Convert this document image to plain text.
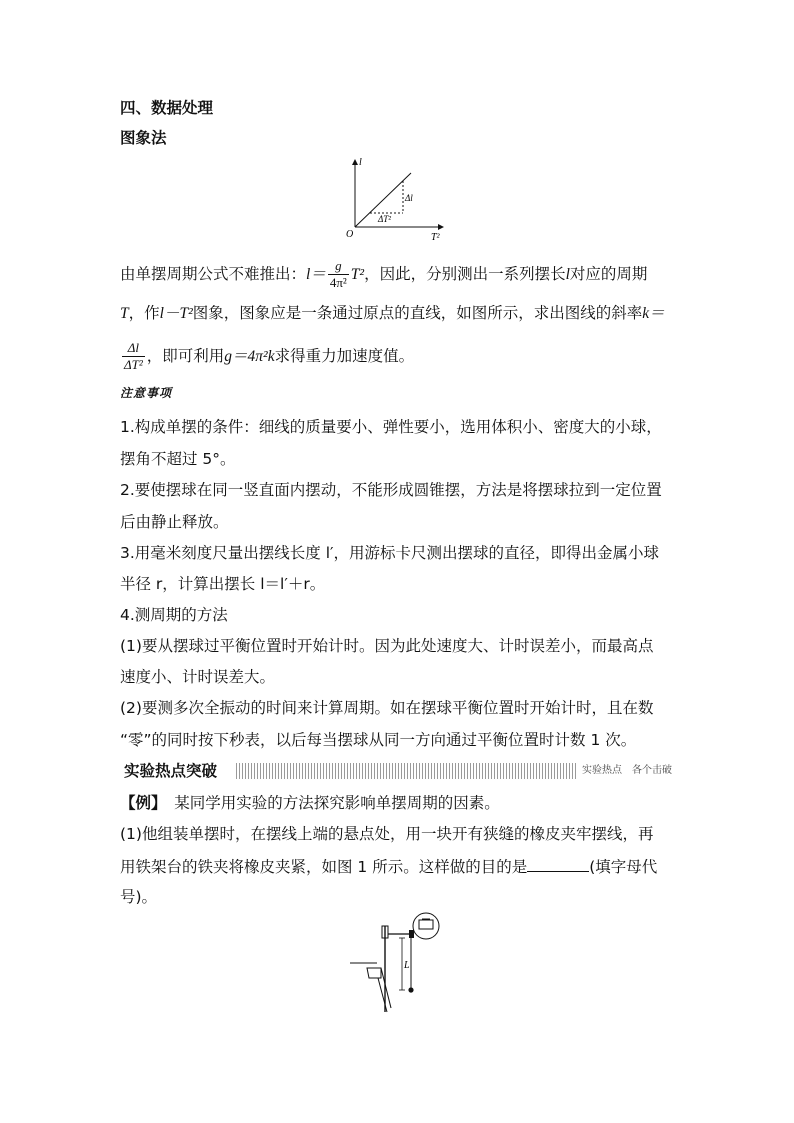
四、数据处理
图象法
l
T²
O
Δl
ΔT²
由单摆周期公式不难推出：$l= \frac{g}{\text{4π²}} T^2$，因此，分别测出一系列摆长l对应的周期
T，作l－T²图象，图象应是一条通过原点的直线，如图所示，求出图线的斜率k＝
$\frac{\Delta l}{\text{ΔT²}}$ ，即可利用g＝4π²k求得重力加速度值。
注意事项
1.构成单摆的条件：细线的质量要小、弹性要小，选用体积小、密度大的小球，
摆角不超过 5°。
2.要使摆球在同一竖直面内摆动，不能形成圆锥摆，方法是将摆球拉到一定位置
后由静止释放。
3.用毫米刻度尺量出摆线长度 l′，用游标卡尺测出摆球的直径，即得出金属小球
半径 r，计算出摆长 l＝l′＋r。
4.测周期的方法
(1)要从摆球过平衡位置时开始计时。因为此处速度大、计时误差小，而最高点
速度小、计时误差大。
(2)要测多次全振动的时间来计算周期。如在摆球平衡位置时开始计时，且在数
“零”的同时按下秒表，以后每当摆球从同一方向通过平衡位置时计数 1 次。
实验热点突破	实验热点　各个击破
【例】　 某同学用实验的方法探究影响单摆周期的因素。
(1)他组装单摆时，在摆线上端的悬点处，用一块开有狭缝的橡皮夹牢摆线，再
用铁架台的铁夹将橡皮夹紧，如图 1 所示。这样做的目的是	(填字母代
号)。
L
